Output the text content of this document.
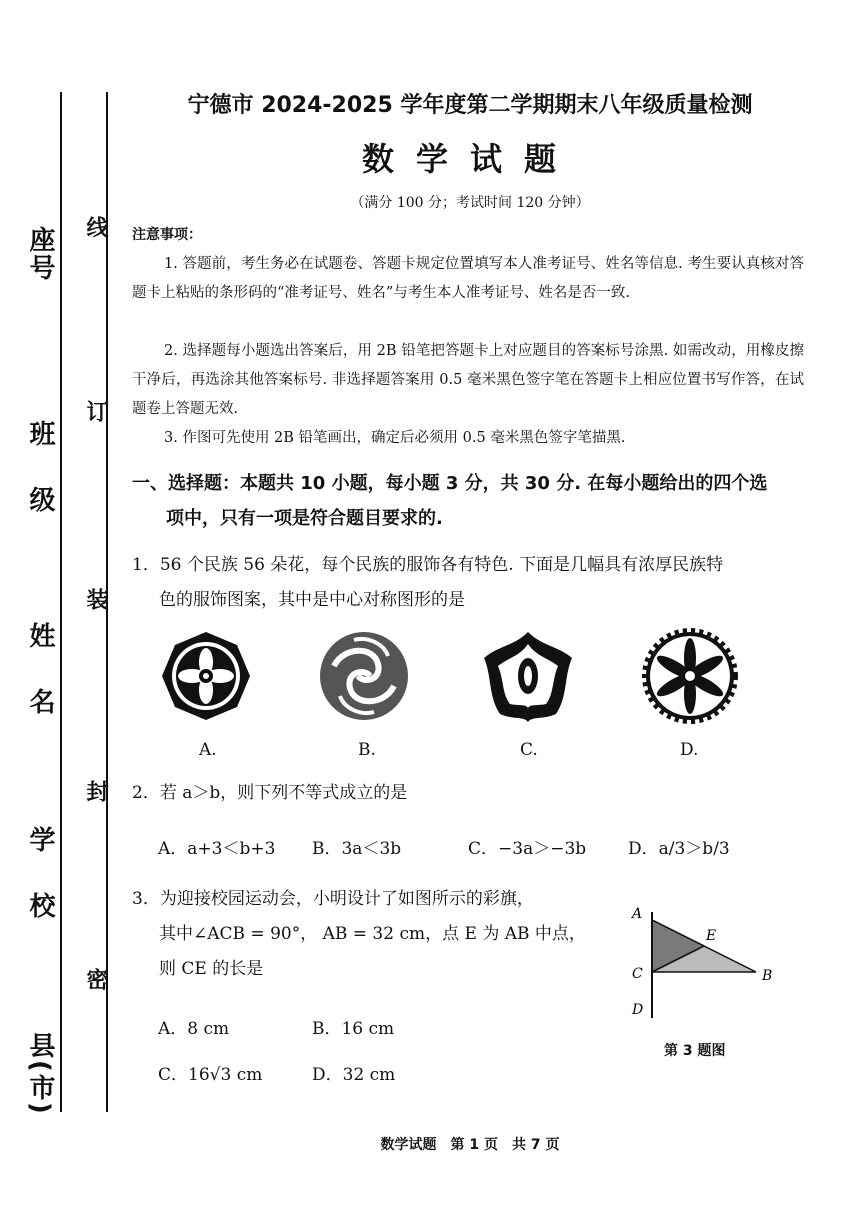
座号
班级
姓名
学校
县(市)
线
订
装
封
密
宁德市 2024-2025 学年度第二学期期末八年级质量检测
数学试题
（满分 100 分；考试时间 120 分钟）
注意事项：
1. 答题前，考生务必在试题卷、答题卡规定位置填写本人准考证号、姓名等信息. 考生要认真核对答题卡上粘贴的条形码的“准考证号、姓名”与考生本人准考证号、姓名是否一致.
2. 选择题每小题选出答案后，用 2B 铅笔把答题卡上对应题目的答案标号涂黑. 如需改动，用橡皮擦干净后，再选涂其他答案标号. 非选择题答案用 0.5 毫米黑色签字笔在答题卡上相应位置书写作答，在试题卷上答题无效.
3. 作图可先使用 2B 铅笔画出，确定后必须用 0.5 毫米黑色签字笔描黑.
一、选择题：本题共 10 小题，每小题 3 分，共 30 分. 在每小题给出的四个选
项中，只有一项是符合题目要求的.
1．56 个民族 56 朵花，每个民族的服饰各有特色. 下面是几幅具有浓厚民族特
色的服饰图案，其中是中心对称图形的是
A.	B.	C.	D.
2．若 a＞b，则下列不等式成立的是
A．a+3＜b+3 B．3a＜3b	C．−3a＞−3b D．a/3＞b/3
3．为迎接校园运动会，小明设计了如图所示的彩旗，
其中∠ACB = 90°， AB = 32 cm，点 E 为 AB 中点，
则 CE 的长是
A．8 cm	B．16 cm
C．16√3 cm	D．32 cm
A
E
C	B
D
第 3 题图
数学试题　第 1 页　共 7 页
